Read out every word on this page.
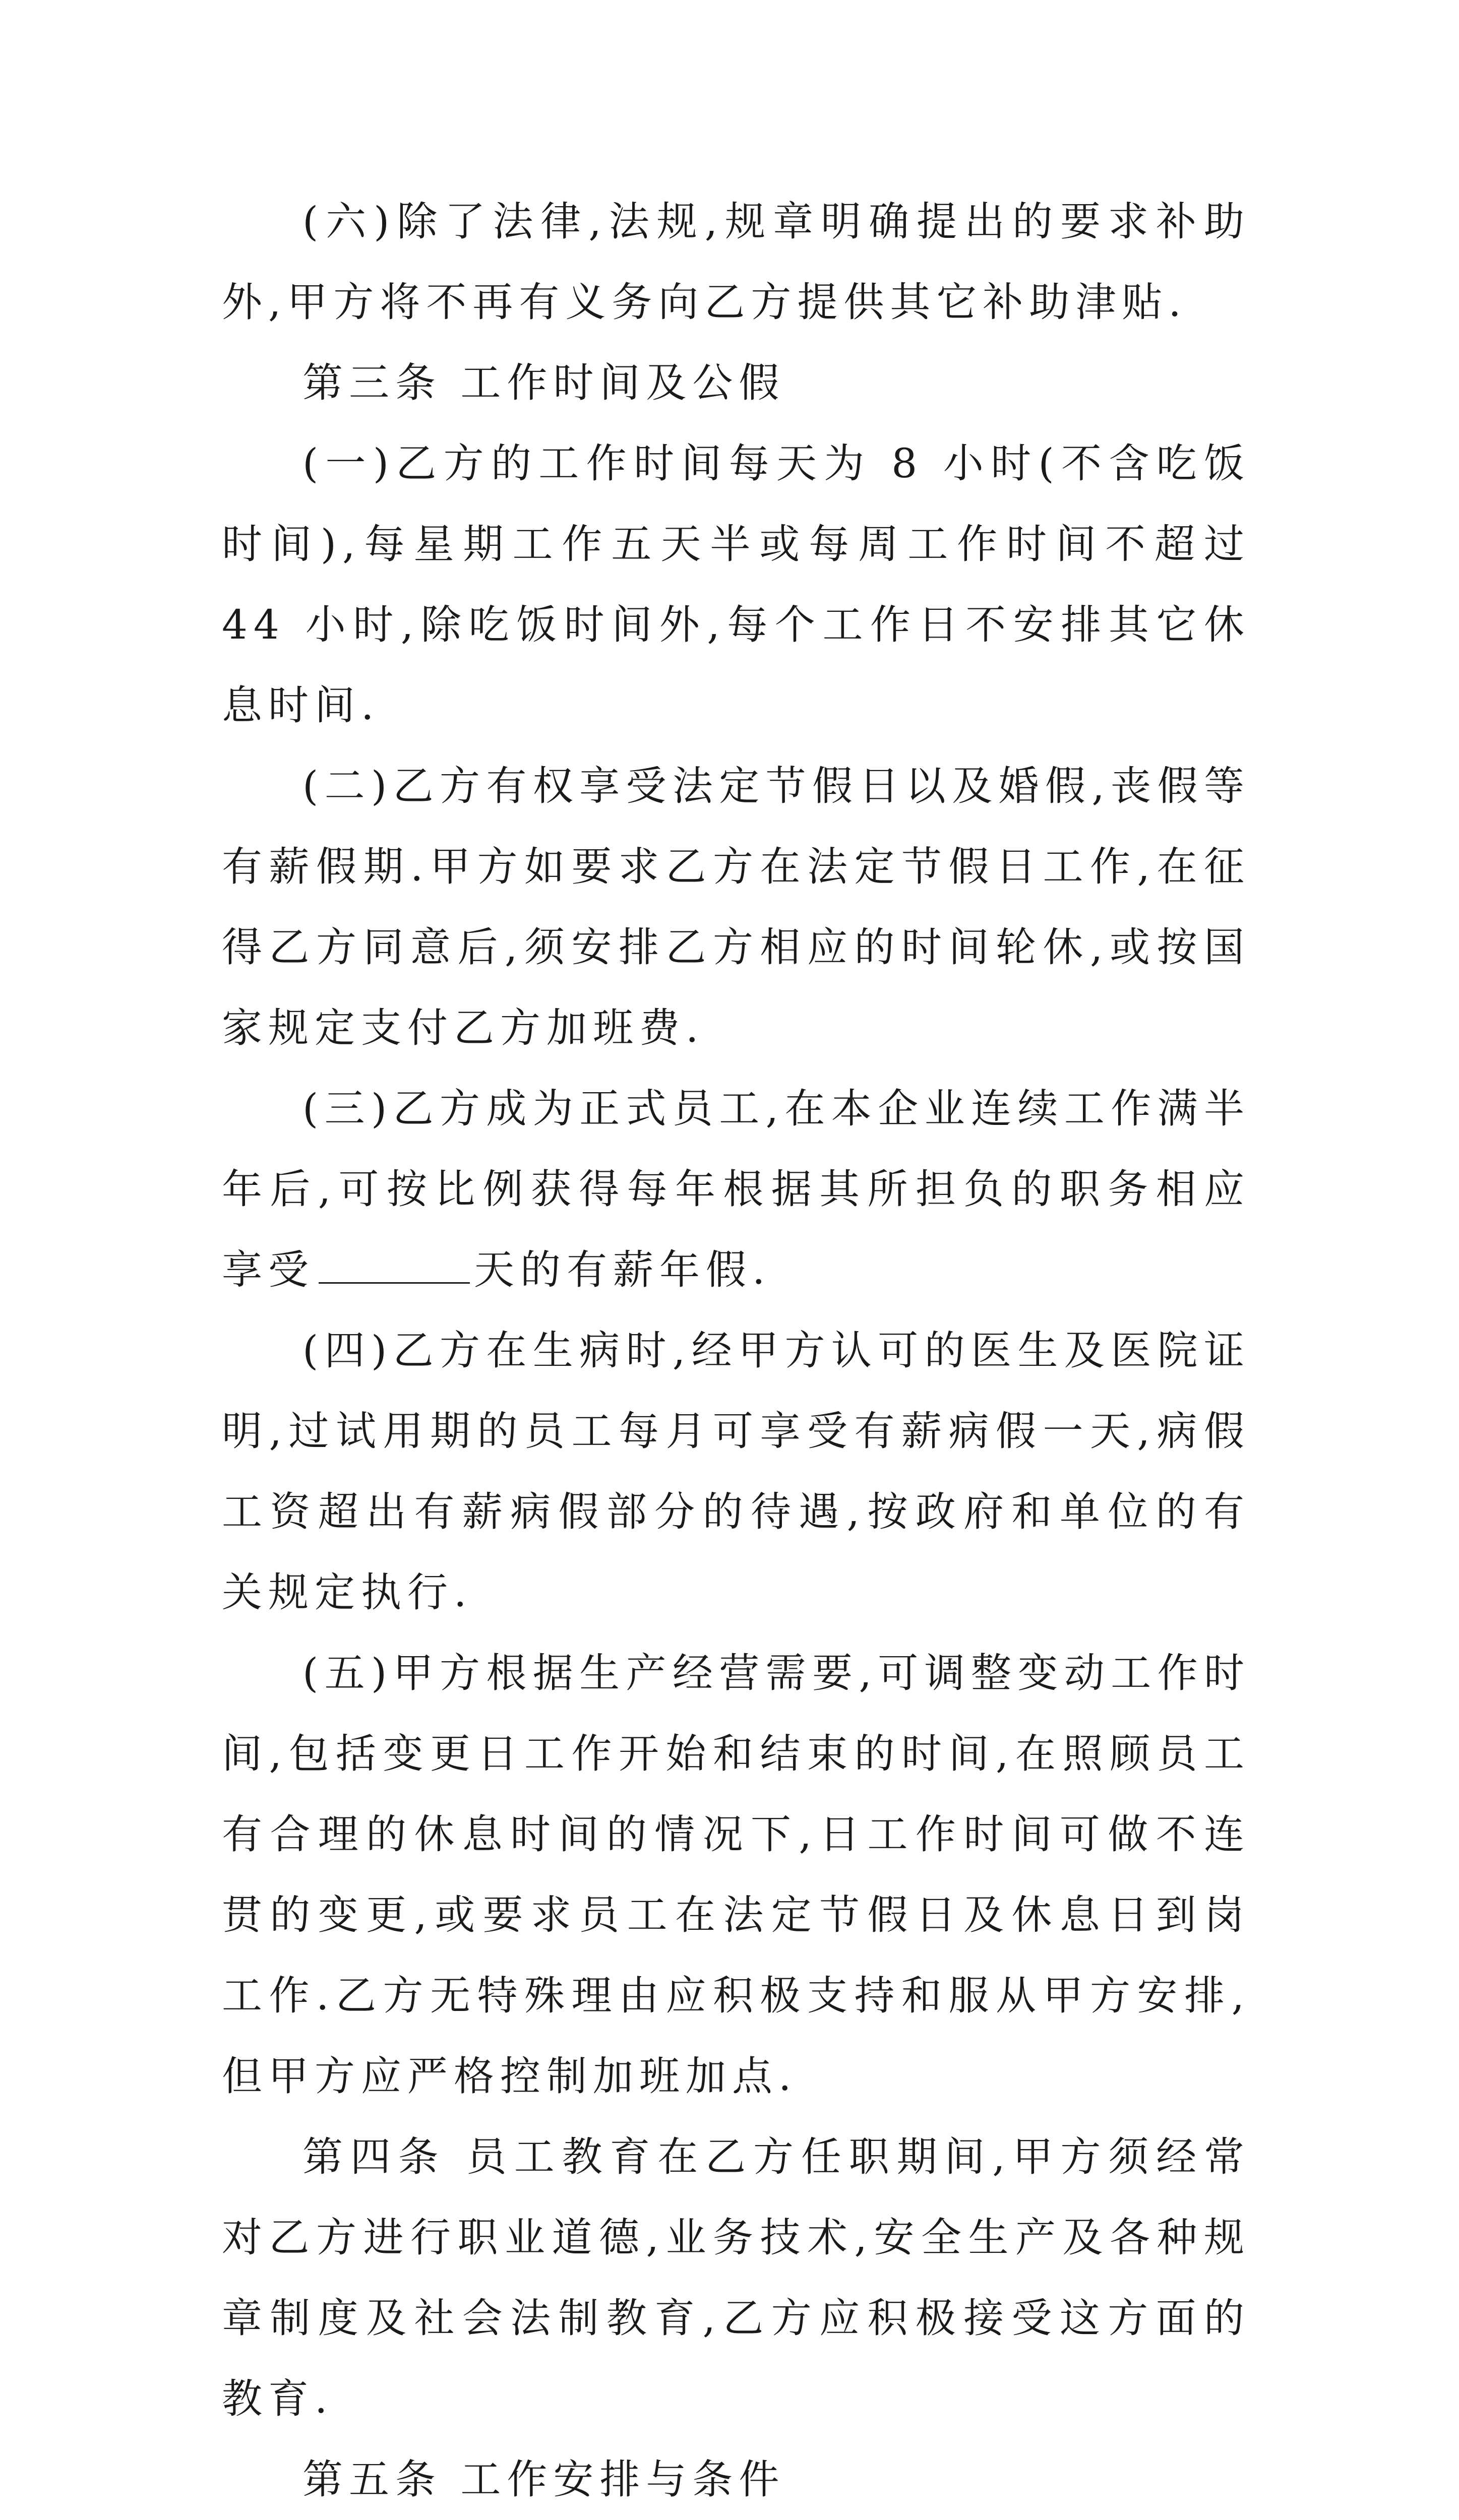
(六)除了法律,法规,规章明确提出的要求补助外,甲方将不再有义务向乙方提供其它补助津贴.

第三条 工作时间及公假

(一)乙方的工作时间每天为 8 小时(不含吃饭时间),每星期工作五天半或每周工作时间不超过 44 小时,除吃饭时间外,每个工作日不安排其它休息时间.

(二)乙方有权享受法定节假日以及婚假,丧假等有薪假期.甲方如要求乙方在法定节假日工作,在征得乙方同意后,须安排乙方相应的时间轮休,或按国家规定支付乙方加班费.

(三)乙方成为正式员工,在本企业连续工作满半年后,可按比例获得每年根据其所担负的职务相应享受	天的有薪年假.

(四)乙方在生病时,经甲方认可的医生及医院证明,过试用期的员工每月可享受有薪病假一天,病假工资超出有薪病假部分的待遇,按政府和单位的有关规定执行.

(五)甲方根据生产经营需要,可调整变动工作时间,包括变更日工作开始和结束的时间,在照顾员工有合理的休息时间的情况下,日工作时间可做不连贯的变更,或要求员工在法定节假日及休息日到岗工作.乙方无特殊理由应积极支持和服从甲方安排,但甲方应严格控制加班加点.

第四条 员工教育在乙方任职期间,甲方须经常对乙方进行职业道德,业务技术,安全生产及各种规章制度及社会法制教育,乙方应积极接受这方面的教育.

第五条 工作安排与条件
